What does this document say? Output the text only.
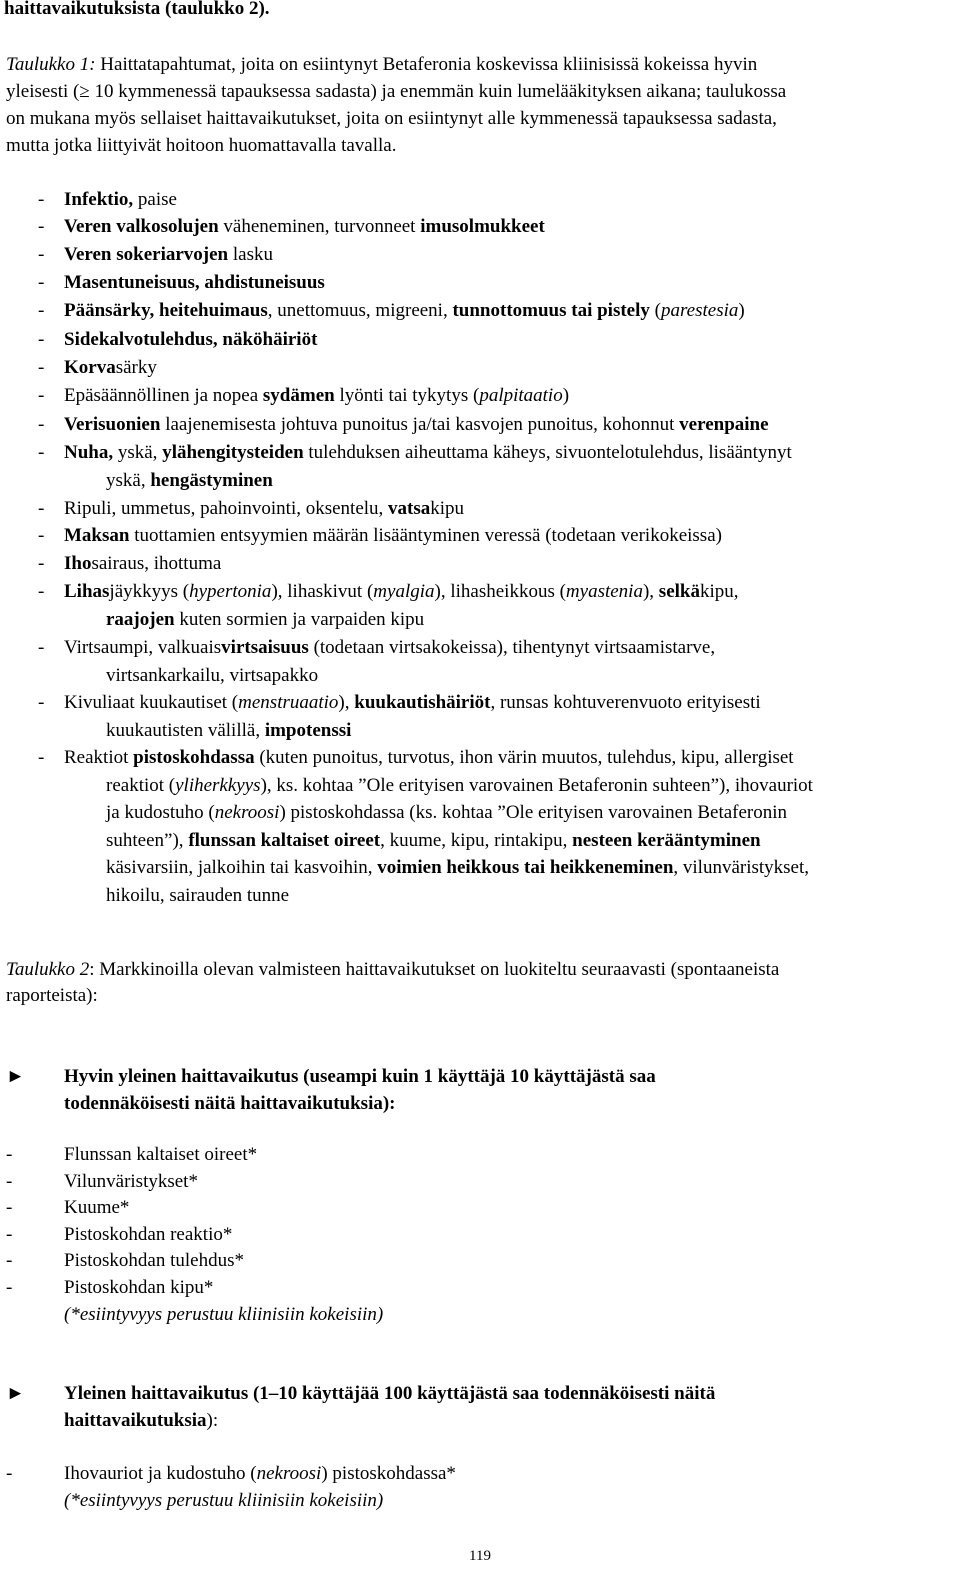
haittavaikutuksista (taulukko 2).
Taulukko 1: Haittatapahtumat, joita on esiintynyt Betaferonia koskevissa kliinisissä kokeissa hyvin
yleisesti (≥ 10 kymmenessä tapauksessa sadasta) ja enemmän kuin lumelääkityksen aikana; taulukossa
on mukana myös sellaiset haittavaikutukset, joita on esiintynyt alle kymmenessä tapauksessa sadasta,
mutta jotka liittyivät hoitoon huomattavalla tavalla.
-	Infektio, paise
-	Veren valkosolujen väheneminen, turvonneet imusolmukkeet
-	Veren sokeriarvojen lasku
-	Masentuneisuus, ahdistuneisuus
-	Päänsärky, heitehuimaus, unettomuus, migreeni, tunnottomuus tai pistely (parestesia)
-	Sidekalvotulehdus, näköhäiriöt
-	Korvasärky
-	Epäsäännöllinen ja nopea sydämen lyönti tai tykytys (palpitaatio)
-	Verisuonien laajenemisesta johtuva punoitus ja/tai kasvojen punoitus, kohonnut verenpaine
-	Nuha, yskä, ylähengitysteiden tulehduksen aiheuttama käheys, sivuontelotulehdus, lisääntynyt
yskä, hengästyminen
-	Ripuli, ummetus, pahoinvointi, oksentelu, vatsakipu
-	Maksan tuottamien entsyymien määrän lisääntyminen veressä (todetaan verikokeissa)
-	Ihosairaus, ihottuma
-	Lihasjäykkyys (hypertonia), lihaskivut (myalgia), lihasheikkous (myastenia), selkäkipu,
raajojen kuten sormien ja varpaiden kipu
-	Virtsaumpi, valkuaisvirtsaisuus (todetaan virtsakokeissa), tihentynyt virtsaamistarve,
virtsankarkailu, virtsapakko
-	Kivuliaat kuukautiset (menstruaatio), kuukautishäiriöt, runsas kohtuverenvuoto erityisesti
kuukautisten välillä, impotenssi
-	Reaktiot pistoskohdassa (kuten punoitus, turvotus, ihon värin muutos, tulehdus, kipu, allergiset
reaktiot (yliherkkyys), ks. kohtaa ”Ole erityisen varovainen Betaferonin suhteen”), ihovauriot
ja kudostuho (nekroosi) pistoskohdassa (ks. kohtaa ”Ole erityisen varovainen Betaferonin
suhteen”), flunssan kaltaiset oireet, kuume, kipu, rintakipu, nesteen kerääntyminen
käsivarsiin, jalkoihin tai kasvoihin, voimien heikkous tai heikkeneminen, vilunväristykset,
hikoilu, sairauden tunne
Taulukko 2: Markkinoilla olevan valmisteen haittavaikutukset on luokiteltu seuraavasti (spontaaneista
raporteista):
►	Hyvin yleinen haittavaikutus (useampi kuin 1 käyttäjä 10 käyttäjästä saa
todennäköisesti näitä haittavaikutuksia):
-	Flunssan kaltaiset oireet*
-	Vilunväristykset*
-	Kuume*
-	Pistoskohdan reaktio*
-	Pistoskohdan tulehdus*
-	Pistoskohdan kipu*
(*esiintyvyys perustuu kliinisiin kokeisiin)
►	Yleinen haittavaikutus (1–10 käyttäjää 100 käyttäjästä saa todennäköisesti näitä
haittavaikutuksia):
-	Ihovauriot ja kudostuho (nekroosi) pistoskohdassa*
(*esiintyvyys perustuu kliinisiin kokeisiin)
119
